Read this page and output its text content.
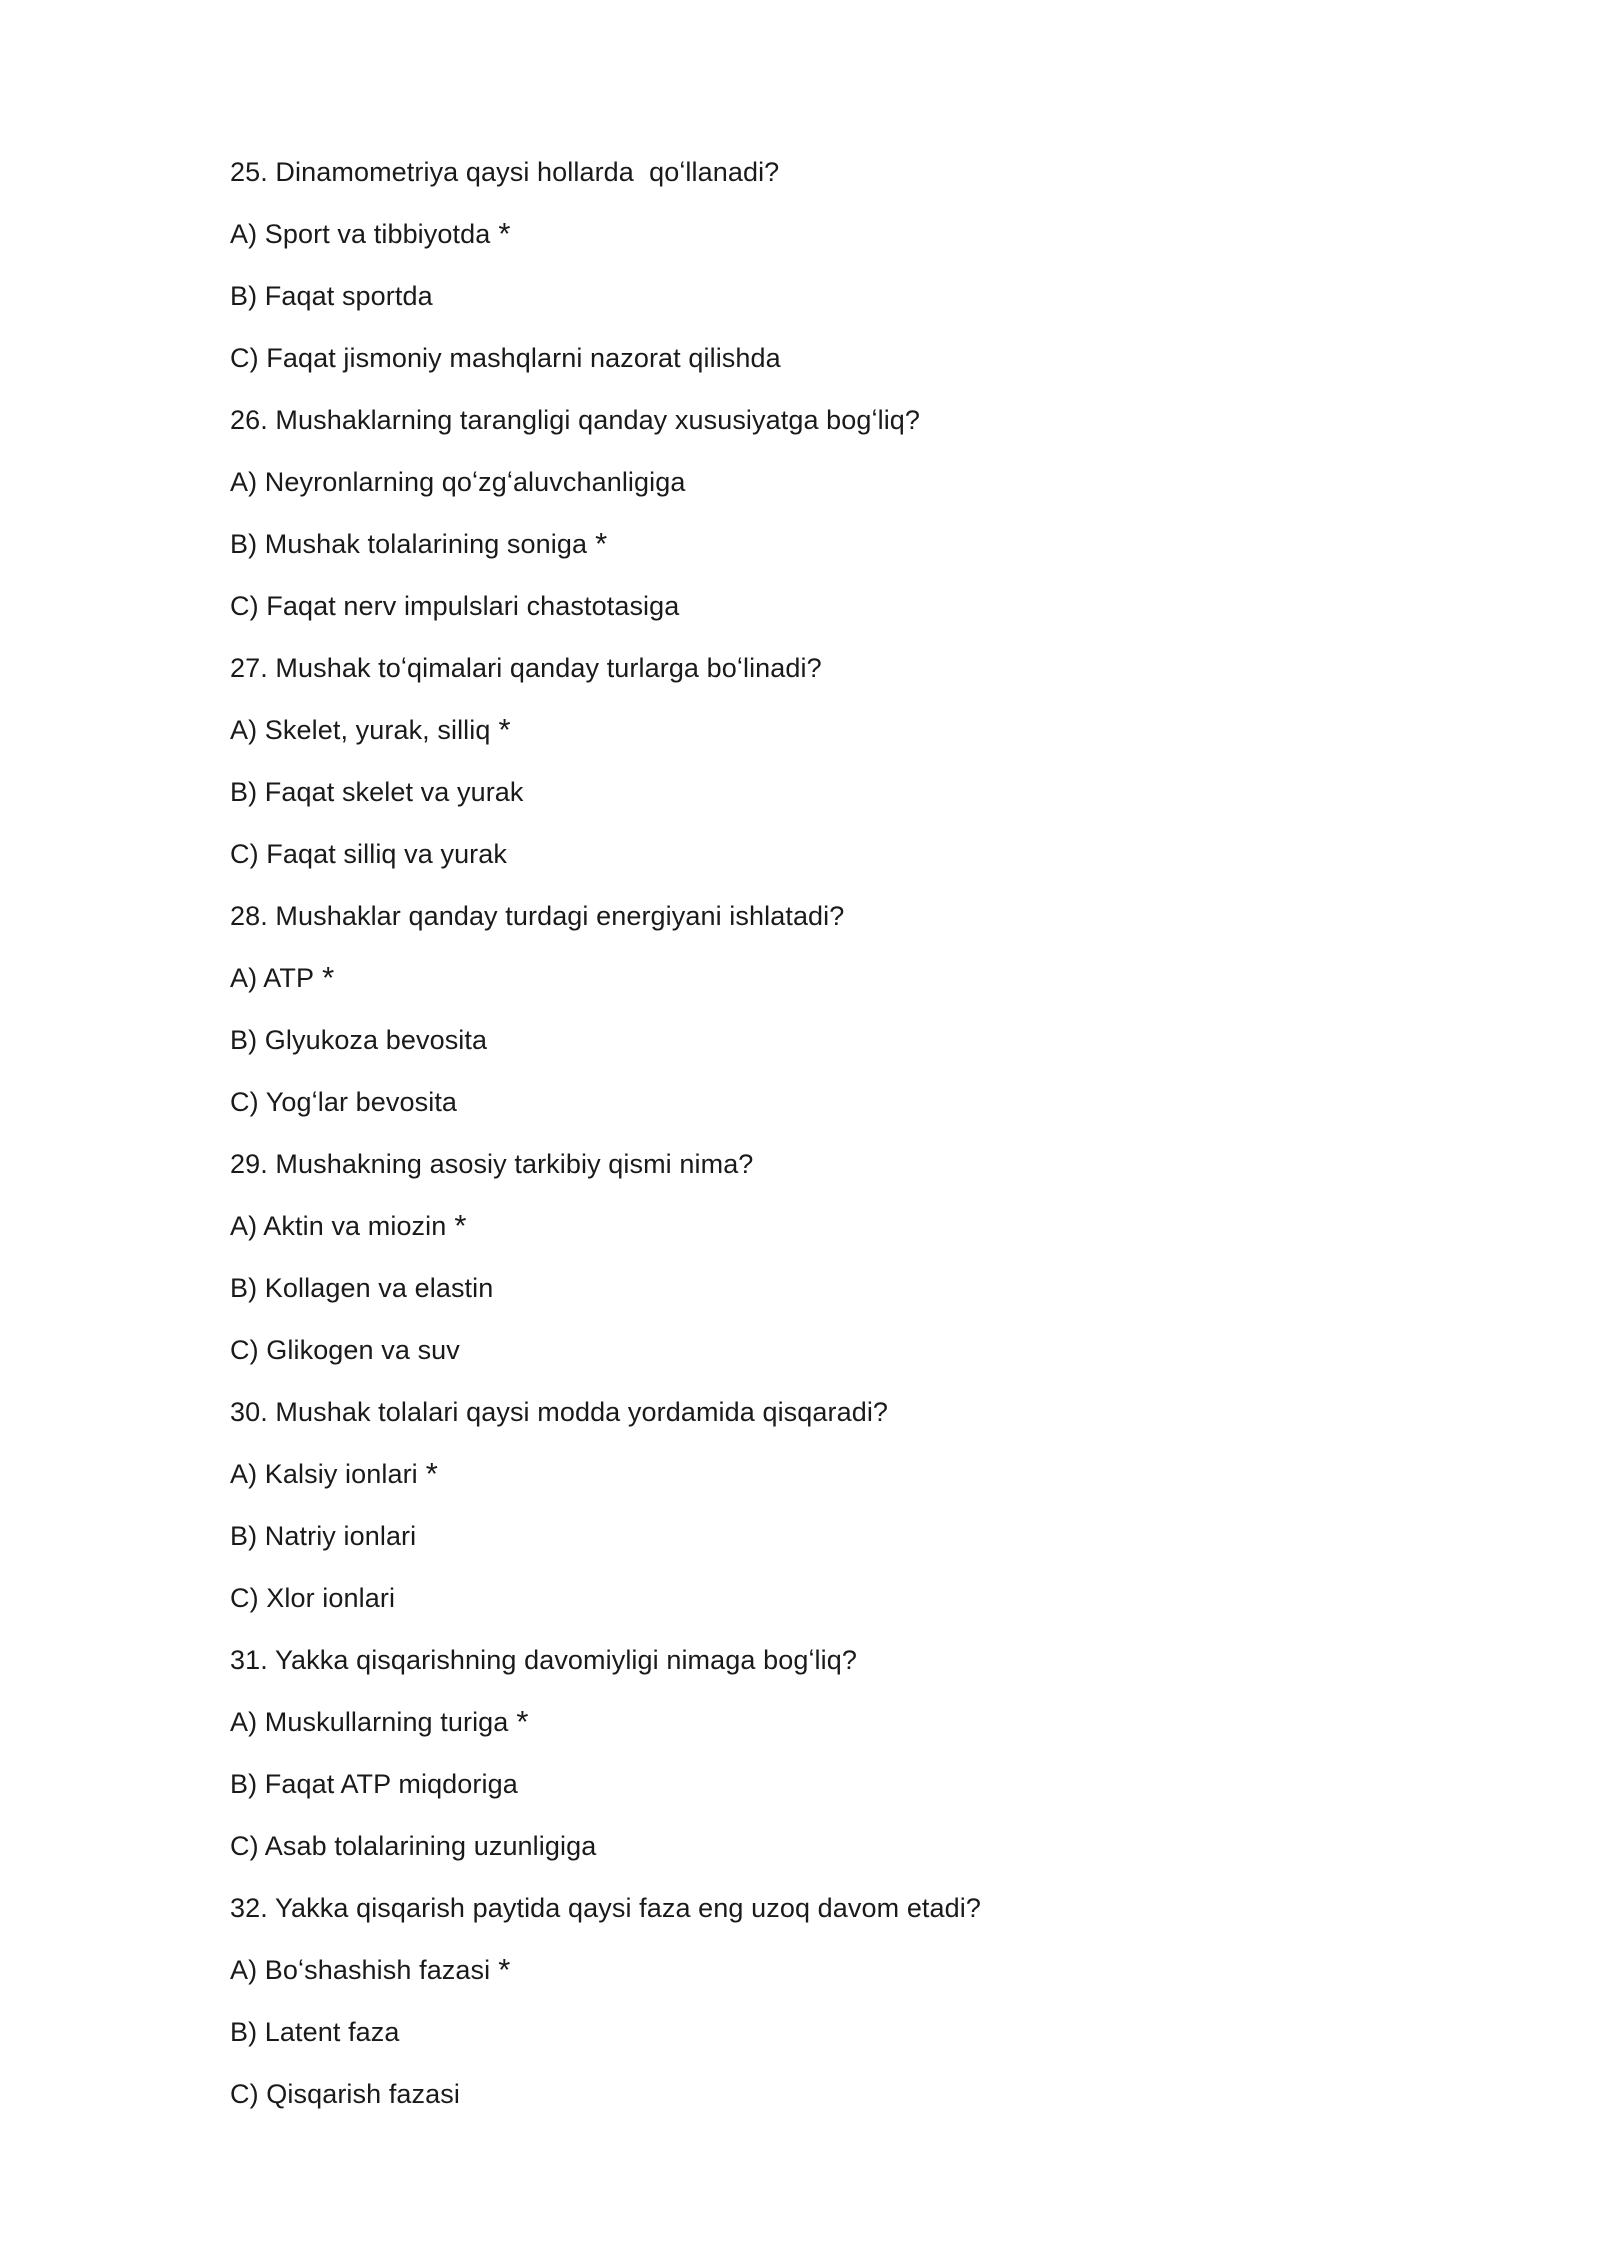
25. Dinamometriya qaysi hollarda  qoʻllanadi?
A) Sport va tibbiyotda *
B) Faqat sportda
C) Faqat jismoniy mashqlarni nazorat qilishda
26. Mushaklarning tarangligi qanday xususiyatga bogʻliq?
A) Neyronlarning qoʻzgʻaluvchanligiga
B) Mushak tolalarining soniga *
C) Faqat nerv impulslari chastotasiga
27. Mushak toʻqimalari qanday turlarga boʻlinadi?
A) Skelet, yurak, silliq *
B) Faqat skelet va yurak
C) Faqat silliq va yurak
28. Mushaklar qanday turdagi energiyani ishlatadi?
A) ATP *
B) Glyukoza bevosita
C) Yogʻlar bevosita
29. Mushakning asosiy tarkibiy qismi nima?
A) Aktin va miozin *
B) Kollagen va elastin
C) Glikogen va suv
30. Mushak tolalari qaysi modda yordamida qisqaradi?
A) Kalsiy ionlari *
B) Natriy ionlari
C) Xlor ionlari
31. Yakka qisqarishning davomiyligi nimaga bogʻliq?
A) Muskullarning turiga *
B) Faqat ATP miqdoriga
C) Asab tolalarining uzunligiga
32. Yakka qisqarish paytida qaysi faza eng uzoq davom etadi?
A) Boʻshashish fazasi *
B) Latent faza
C) Qisqarish fazasi
